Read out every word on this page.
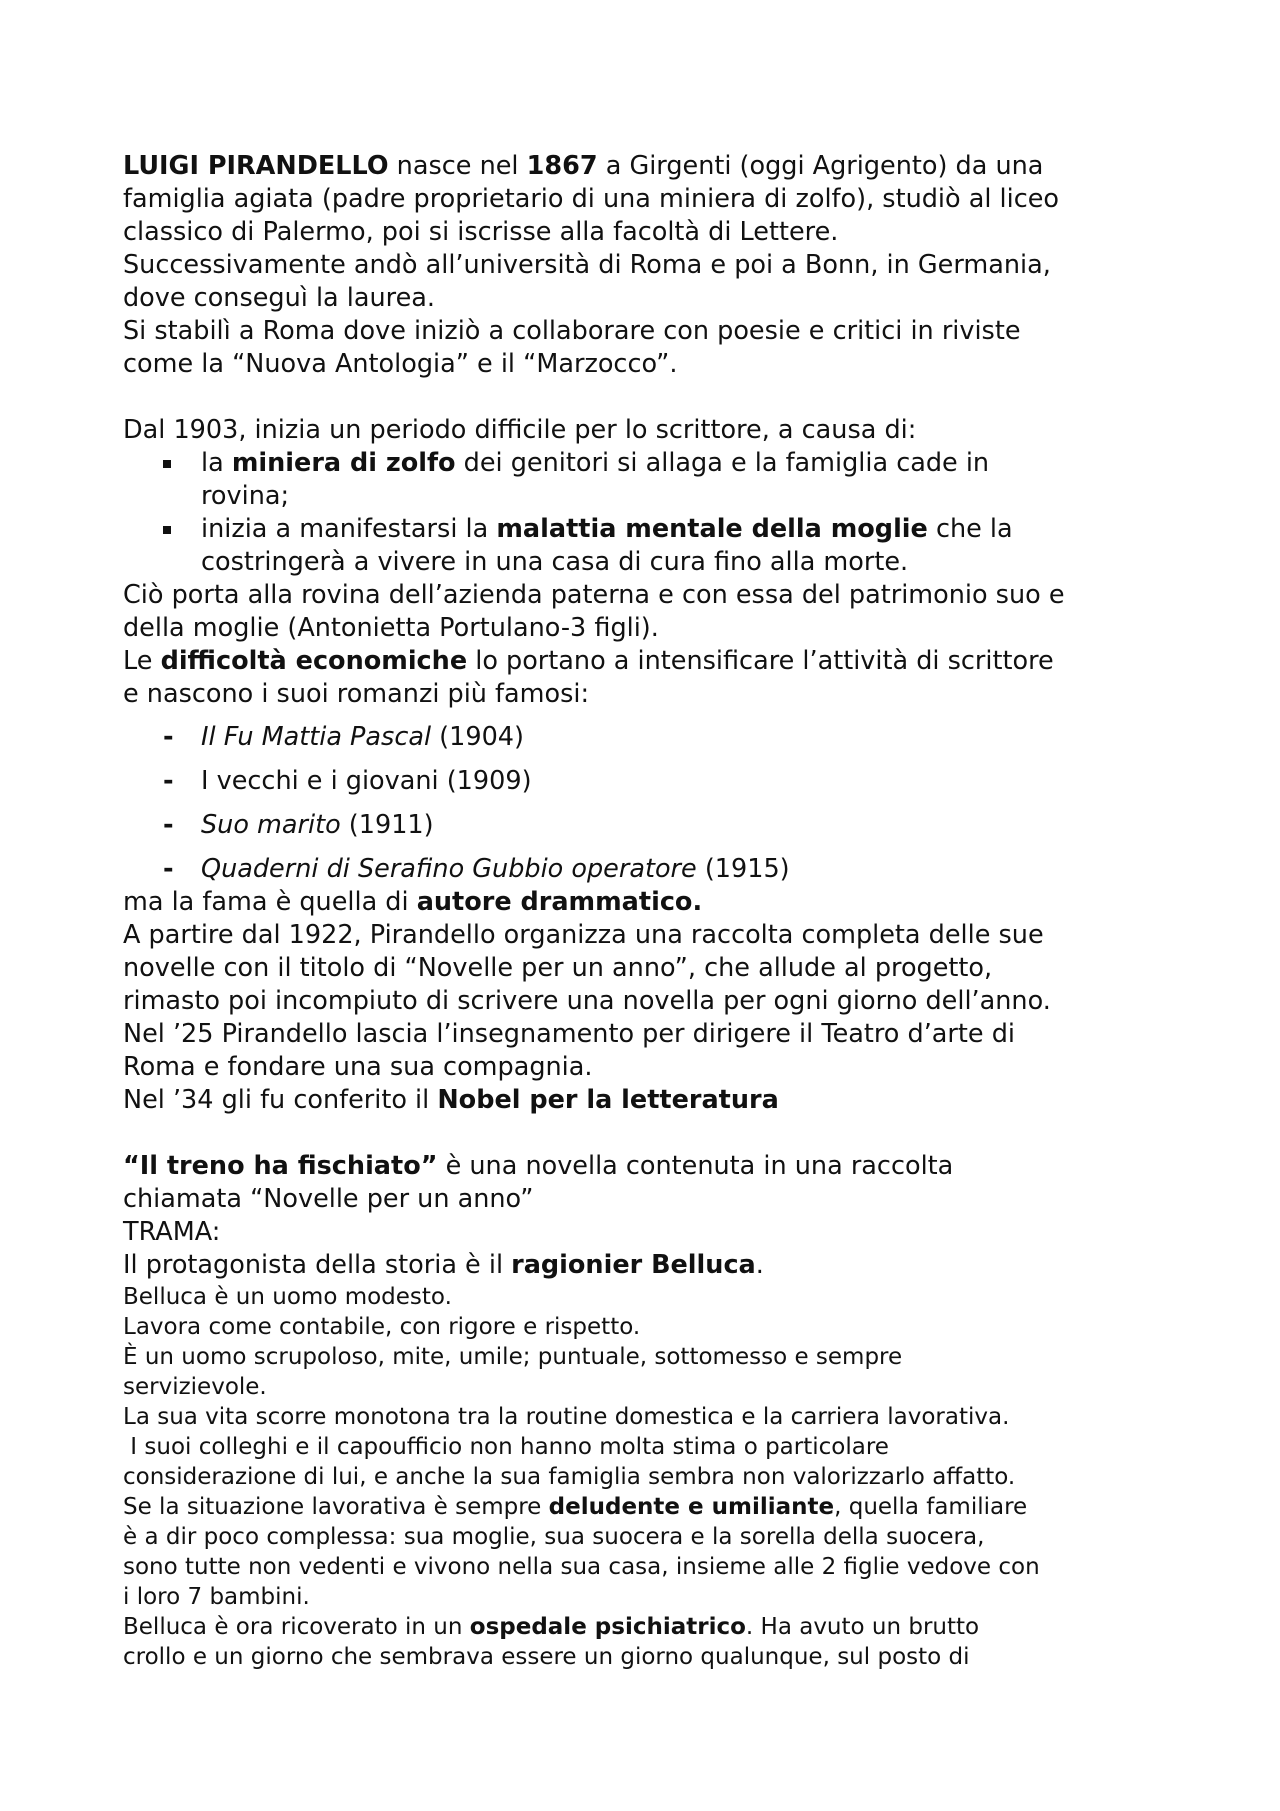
LUIGI PIRANDELLO nasce nel 1867 a Girgenti (oggi Agrigento) da una
famiglia agiata (padre proprietario di una miniera di zolfo), studiò al liceo
classico di Palermo, poi si iscrisse alla facoltà di Lettere.
Successivamente andò all’università di Roma e poi a Bonn, in Germania,
dove conseguì la laurea.
Si stabilì a Roma dove iniziò a collaborare con poesie e critici in riviste
come la “Nuova Antologia” e il “Marzocco”.
Dal 1903, inizia un periodo difficile per lo scrittore, a causa di:
la miniera di zolfo dei genitori si allaga e la famiglia cade in
rovina;
inizia a manifestarsi la malattia mentale della moglie che la
costringerà a vivere in una casa di cura fino alla morte.
Ciò porta alla rovina dell’azienda paterna e con essa del patrimonio suo e
della moglie (Antonietta Portulano-3 figli).
Le difficoltà economiche lo portano a intensificare l’attività di scrittore
e nascono i suoi romanzi più famosi:
- Il Fu Mattia Pascal (1904)
- I vecchi e i giovani (1909)
- Suo marito (1911)
- Quaderni di Serafino Gubbio operatore (1915)
ma la fama è quella di autore drammatico.
A partire dal 1922, Pirandello organizza una raccolta completa delle sue
novelle con il titolo di “Novelle per un anno”, che allude al progetto,
rimasto poi incompiuto di scrivere una novella per ogni giorno dell’anno.
Nel ’25 Pirandello lascia l’insegnamento per dirigere il Teatro d’arte di
Roma e fondare una sua compagnia.
Nel ’34 gli fu conferito il Nobel per la letteratura
“Il treno ha fischiato” è una novella contenuta in una raccolta
chiamata “Novelle per un anno”
TRAMA:
Il protagonista della storia è il ragionier Belluca.
Belluca è un uomo modesto.
Lavora come contabile, con rigore e rispetto.
È un uomo scrupoloso, mite, umile; puntuale, sottomesso e sempre
servizievole.
La sua vita scorre monotona tra la routine domestica e la carriera lavorativa.
I suoi colleghi e il capoufficio non hanno molta stima o particolare
considerazione di lui, e anche la sua famiglia sembra non valorizzarlo affatto.
Se la situazione lavorativa è sempre deludente e umiliante, quella familiare
è a dir poco complessa: sua moglie, sua suocera e la sorella della suocera,
sono tutte non vedenti e vivono nella sua casa, insieme alle 2 figlie vedove con
i loro 7 bambini.
Belluca è ora ricoverato in un ospedale psichiatrico. Ha avuto un brutto
crollo e un giorno che sembrava essere un giorno qualunque, sul posto di
